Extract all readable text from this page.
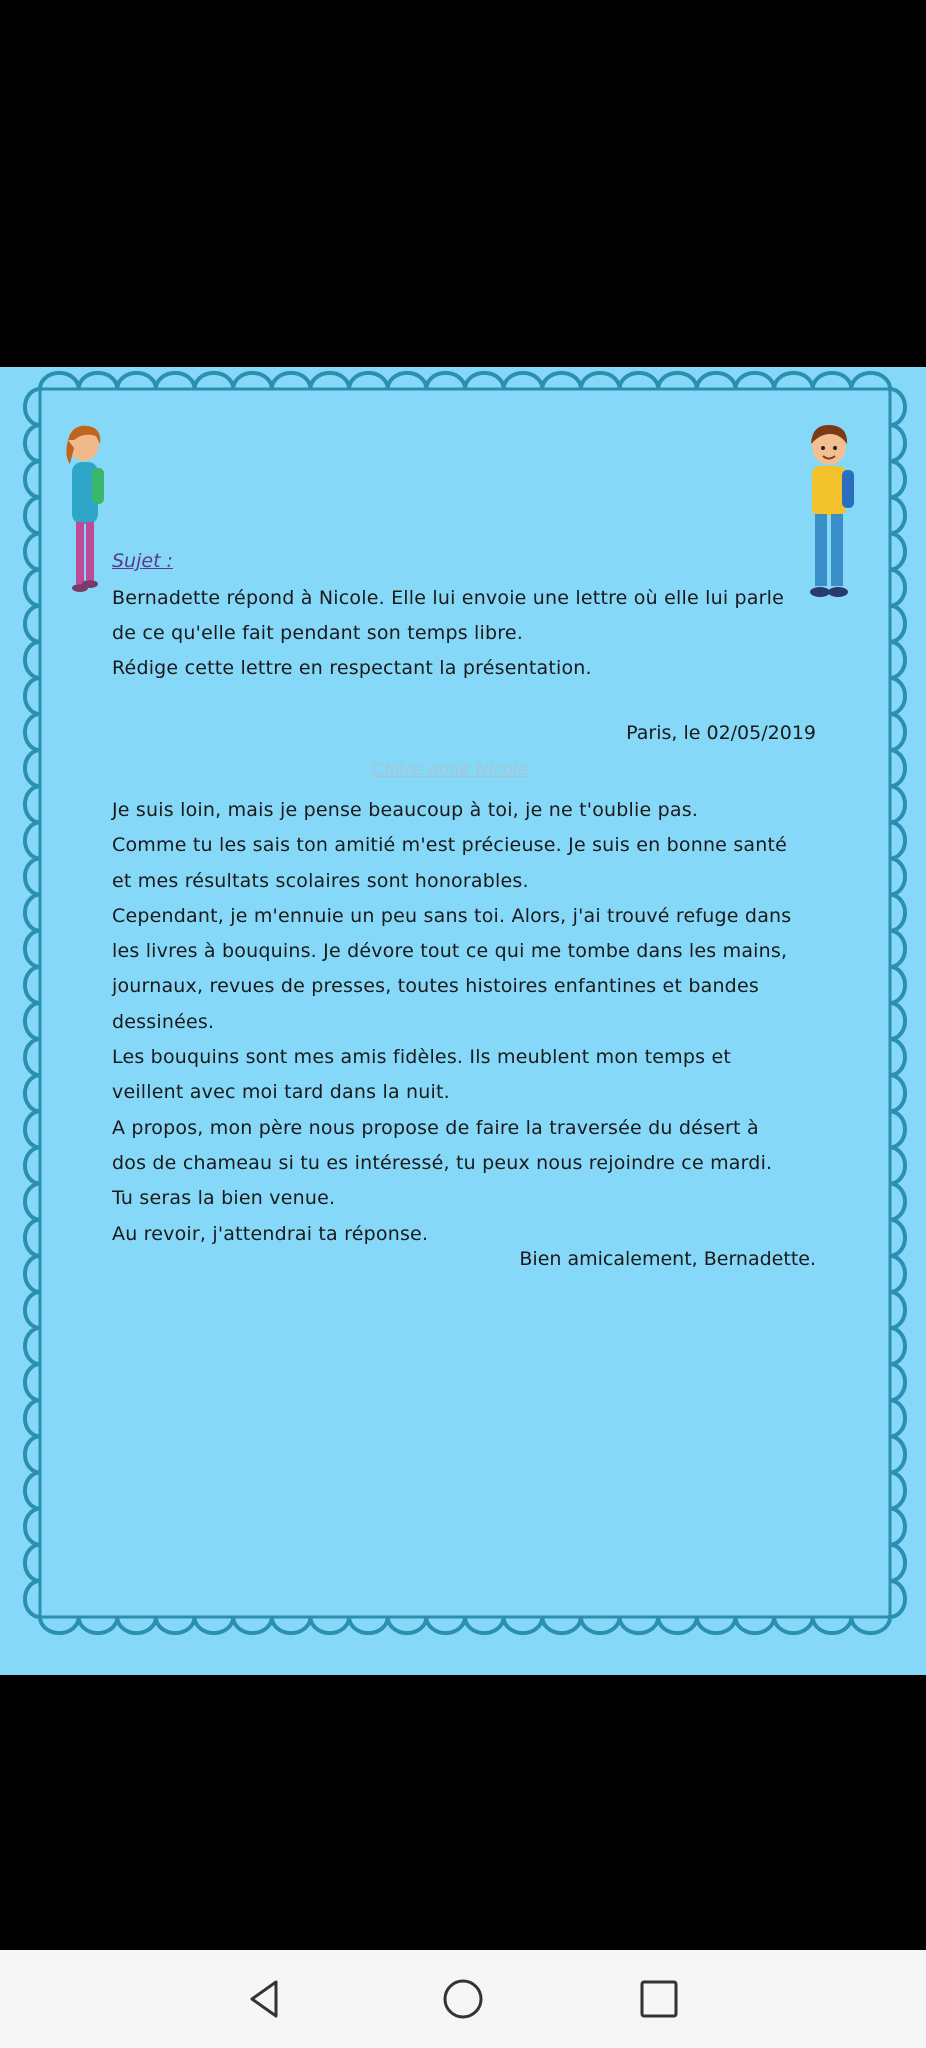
Sujet :
Bernadette répond à Nicole. Elle lui envoie une lettre où elle lui parle
de ce qu'elle fait pendant son temps libre.
Rédige cette lettre en respectant la présentation.
Paris, le 02/05/2019
Chère amie Nicole
Je suis loin, mais je pense beaucoup à toi, je ne t'oublie pas.
Comme tu les sais ton amitié m'est précieuse. Je suis en bonne santé
et mes résultats scolaires sont honorables.
Cependant, je m'ennuie un peu sans toi. Alors, j'ai trouvé refuge dans
les livres à bouquins. Je dévore tout ce qui me tombe dans les mains,
journaux, revues de presses, toutes histoires enfantines et bandes
dessinées.
Les bouquins sont mes amis fidèles. Ils meublent mon temps et
veillent avec moi tard dans la nuit.
A propos, mon père nous propose de faire la traversée du désert à
dos de chameau si tu es intéressé, tu peux nous rejoindre ce mardi.
Tu seras la bien venue.
Au revoir, j'attendrai ta réponse.
Bien amicalement, Bernadette.
